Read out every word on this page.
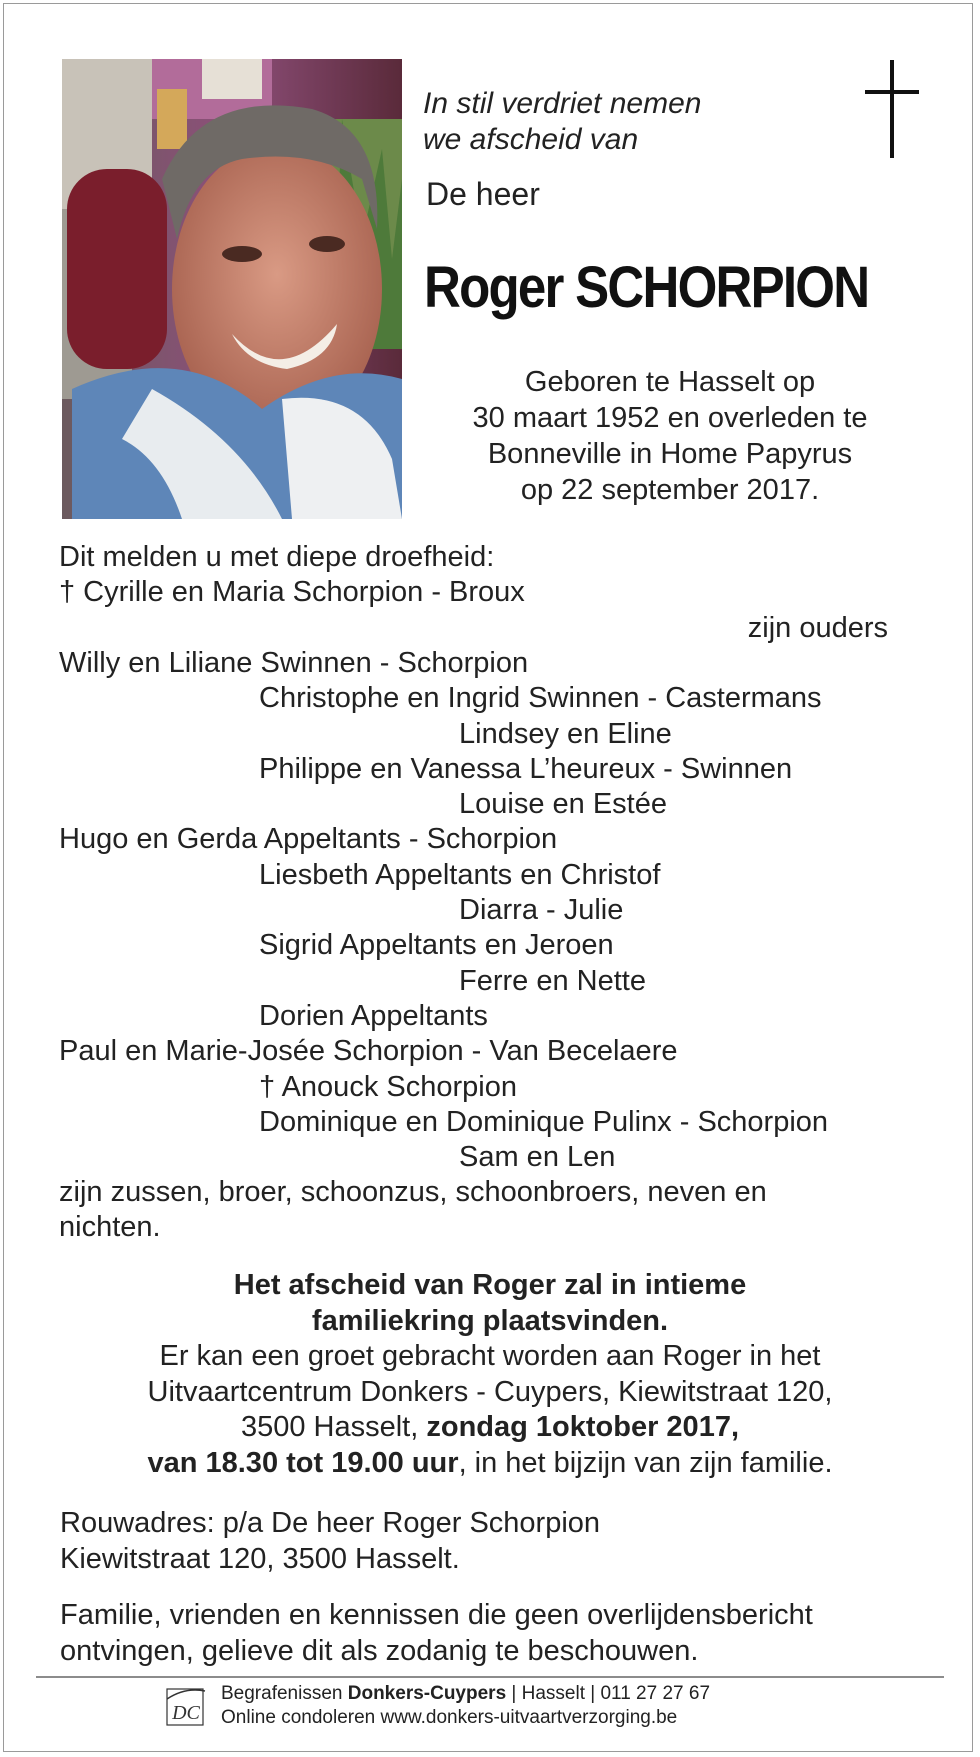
In stil verdriet nemen
we afscheid van
De heer
Roger SCHORPION
Geboren te Hasselt op
30 maart 1952 en overleden te
Bonneville in Home Papyrus
op 22 september 2017.
Dit melden u met diepe droefheid:
† Cyrille en Maria Schorpion - Broux
zijn ouders
Willy en Liliane Swinnen - Schorpion
Christophe en Ingrid Swinnen - Castermans
Lindsey en Eline
Philippe en Vanessa L’heureux - Swinnen
Louise en Estée
Hugo en Gerda Appeltants - Schorpion
Liesbeth Appeltants en Christof
Diarra - Julie
Sigrid Appeltants en Jeroen
Ferre en Nette
Dorien Appeltants
Paul en Marie-Josée Schorpion - Van Becelaere
† Anouck Schorpion
Dominique en Dominique Pulinx - Schorpion
Sam en Len
zijn zussen, broer, schoonzus, schoonbroers, neven en
nichten.
Het afscheid van Roger zal in intieme
familiekring plaatsvinden.
Er kan een groet gebracht worden aan Roger in het
Uitvaartcentrum Donkers - Cuypers, Kiewitstraat 120,
3500 Hasselt, zondag 1oktober 2017,
van 18.30 tot 19.00 uur, in het bijzijn van zijn familie.
Rouwadres: p/a De heer Roger Schorpion
Kiewitstraat 120, 3500 Hasselt.
Familie, vrienden en kennissen die geen overlijdensbericht
ontvingen, gelieve dit als zodanig te beschouwen.
DC
Begrafenissen Donkers-Cuypers | Hasselt | 011 27 27 67
Online condoleren www.donkers-uitvaartverzorging.be
